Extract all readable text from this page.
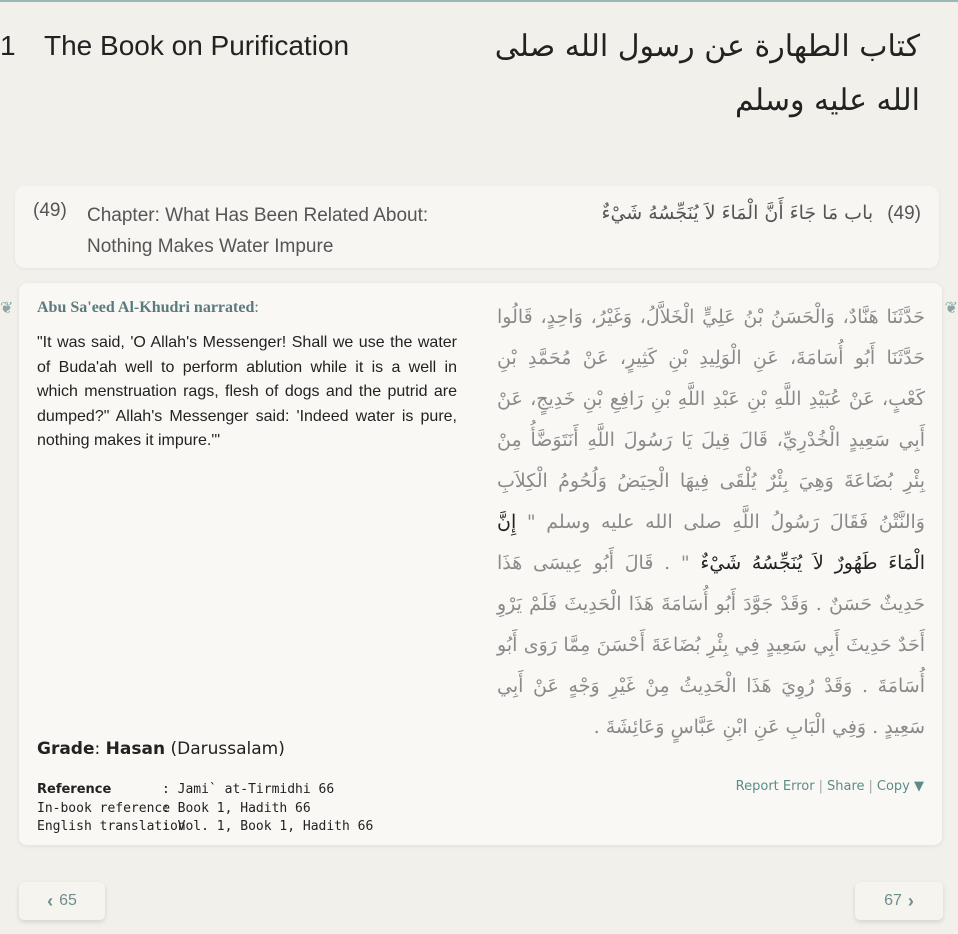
1 The Book on Purification	كتاب الطهارة عن رسول الله صلى الله عليه وسلم
(49) Chapter: What Has Been Related About: Nothing Makes Water Impure
(49) باب مَا جَاءَ أَنَّ الْمَاءَ لاَ يُنَجِّسُهُ شَيْءٌ
❦	❦
Abu Sa'eed Al-Khudri narrated:
"It was said, 'O Allah's Messenger! Shall we use the water of Buda'ah well to perform ablution while it is a well in which menstruation rags, flesh of dogs and the putrid are dumped?" Allah's Messenger said: 'Indeed water is pure, nothing makes it impure.'"
حَدَّثَنَا هَنَّادٌ، وَالْحَسَنُ بْنُ عَلِيٍّ الْخَلاَّلُ، وَغَيْرُ، وَاحِدٍ، قَالُوا حَدَّثَنَا أَبُو أُسَامَةَ، عَنِ الْوَلِيدِ بْنِ كَثِيرٍ، عَنْ مُحَمَّدِ بْنِ كَعْبٍ، عَنْ عُبَيْدِ اللَّهِ بْنِ عَبْدِ اللَّهِ بْنِ رَافِعِ بْنِ خَدِيجٍ، عَنْ أَبِي سَعِيدٍ الْخُدْرِيِّ، قَالَ قِيلَ يَا رَسُولَ اللَّهِ أَنَتَوَضَّأُ مِنْ بِئْرِ بُضَاعَةَ وَهِيَ بِئْرٌ يُلْقَى فِيهَا الْحِيَضُ وَلُحُومُ الْكِلاَبِ وَالنَّتْنُ فَقَالَ رَسُولُ اللَّهِ صلى الله عليه وسلم " إِنَّ الْمَاءَ طَهُورٌ لاَ يُنَجِّسُهُ شَيْءٌ " . قَالَ أَبُو عِيسَى هَذَا حَدِيثٌ حَسَنٌ . وَقَدْ جَوَّدَ أَبُو أُسَامَةَ هَذَا الْحَدِيثَ فَلَمْ يَرْوِ أَحَدٌ حَدِيثَ أَبِي سَعِيدٍ فِي بِئْرِ بُضَاعَةَ أَحْسَنَ مِمَّا رَوَى أَبُو أُسَامَةَ . وَقَدْ رُوِيَ هَذَا الْحَدِيثُ مِنْ غَيْرِ وَجْهٍ عَنْ أَبِي سَعِيدٍ . وَفِي الْبَابِ عَنِ ابْنِ عَبَّاسٍ وَعَائِشَةَ .
Grade: Hasan (Darussalam)
Reference	: Jami` at-Tirmidhi 66
In-book reference: Book 1, Hadith 66
English translation: Vol. 1, Book 1, Hadith 66
Report Error | Share | Copy ▼
‹ 65	67 ›
